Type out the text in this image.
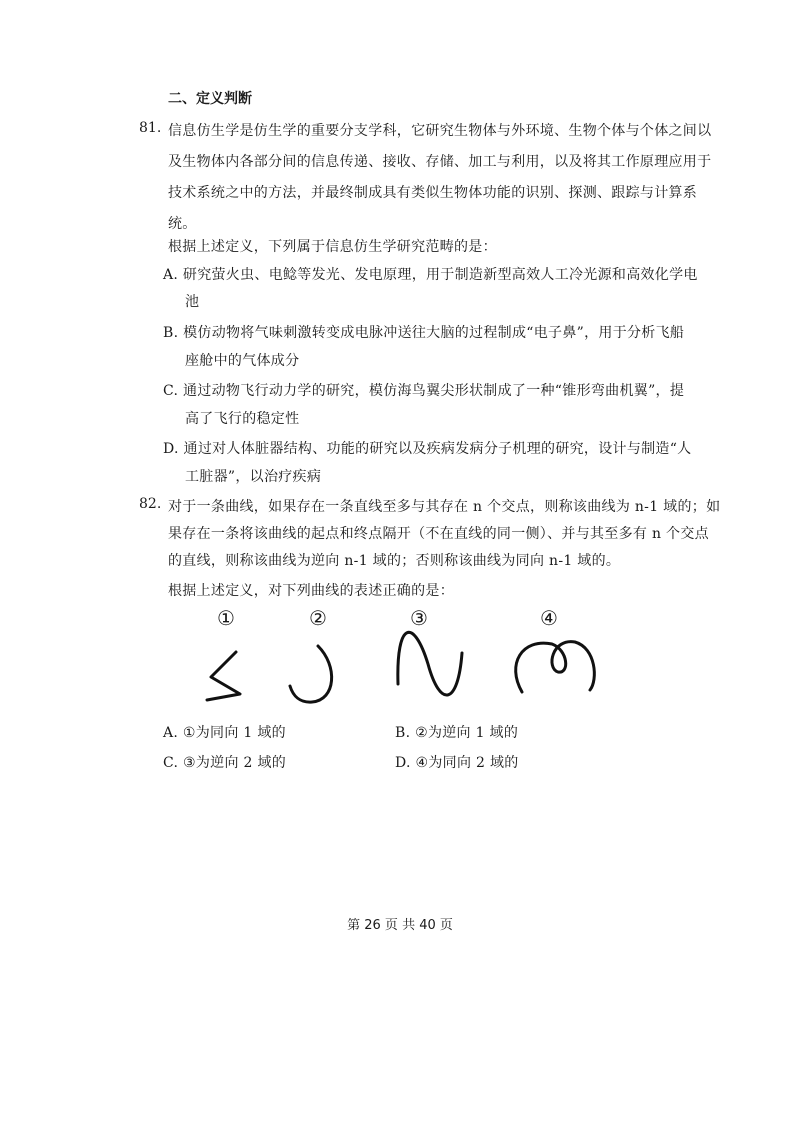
二、定义判断
81. 信息仿生学是仿生学的重要分支学科，它研究生物体与外环境、生物个体与个体之间以
及生物体内各部分间的信息传递、接收、存储、加工与利用，以及将其工作原理应用于
技术系统之中的方法，并最终制成具有类似生物体功能的识别、探测、跟踪与计算系
统。
根据上述定义，下列属于信息仿生学研究范畴的是：
A. 研究萤火虫、电鲶等发光、发电原理，用于制造新型高效人工冷光源和高效化学电
池
B. 模仿动物将气味刺激转变成电脉冲送往大脑的过程制成“电子鼻”，用于分析飞船
座舱中的气体成分
C. 通过动物飞行动力学的研究，模仿海鸟翼尖形状制成了一种“锥形弯曲机翼”，提
高了飞行的稳定性
D. 通过对人体脏器结构、功能的研究以及疾病发病分子机理的研究，设计与制造“人
工脏器”，以治疗疾病
82. 对于一条曲线，如果存在一条直线至多与其存在 n 个交点，则称该曲线为 n-1 域的；如
果存在一条将该曲线的起点和终点隔开（不在直线的同一侧）、并与其至多有 n 个交点
的直线，则称该曲线为逆向 n-1 域的；否则称该曲线为同向 n-1 域的。
根据上述定义，对下列曲线的表述正确的是：
①	②	③	④
A. ①为同向 1 域的	B. ②为逆向 1 域的
C. ③为逆向 2 域的	D. ④为同向 2 域的
第 26 页 共 40 页
